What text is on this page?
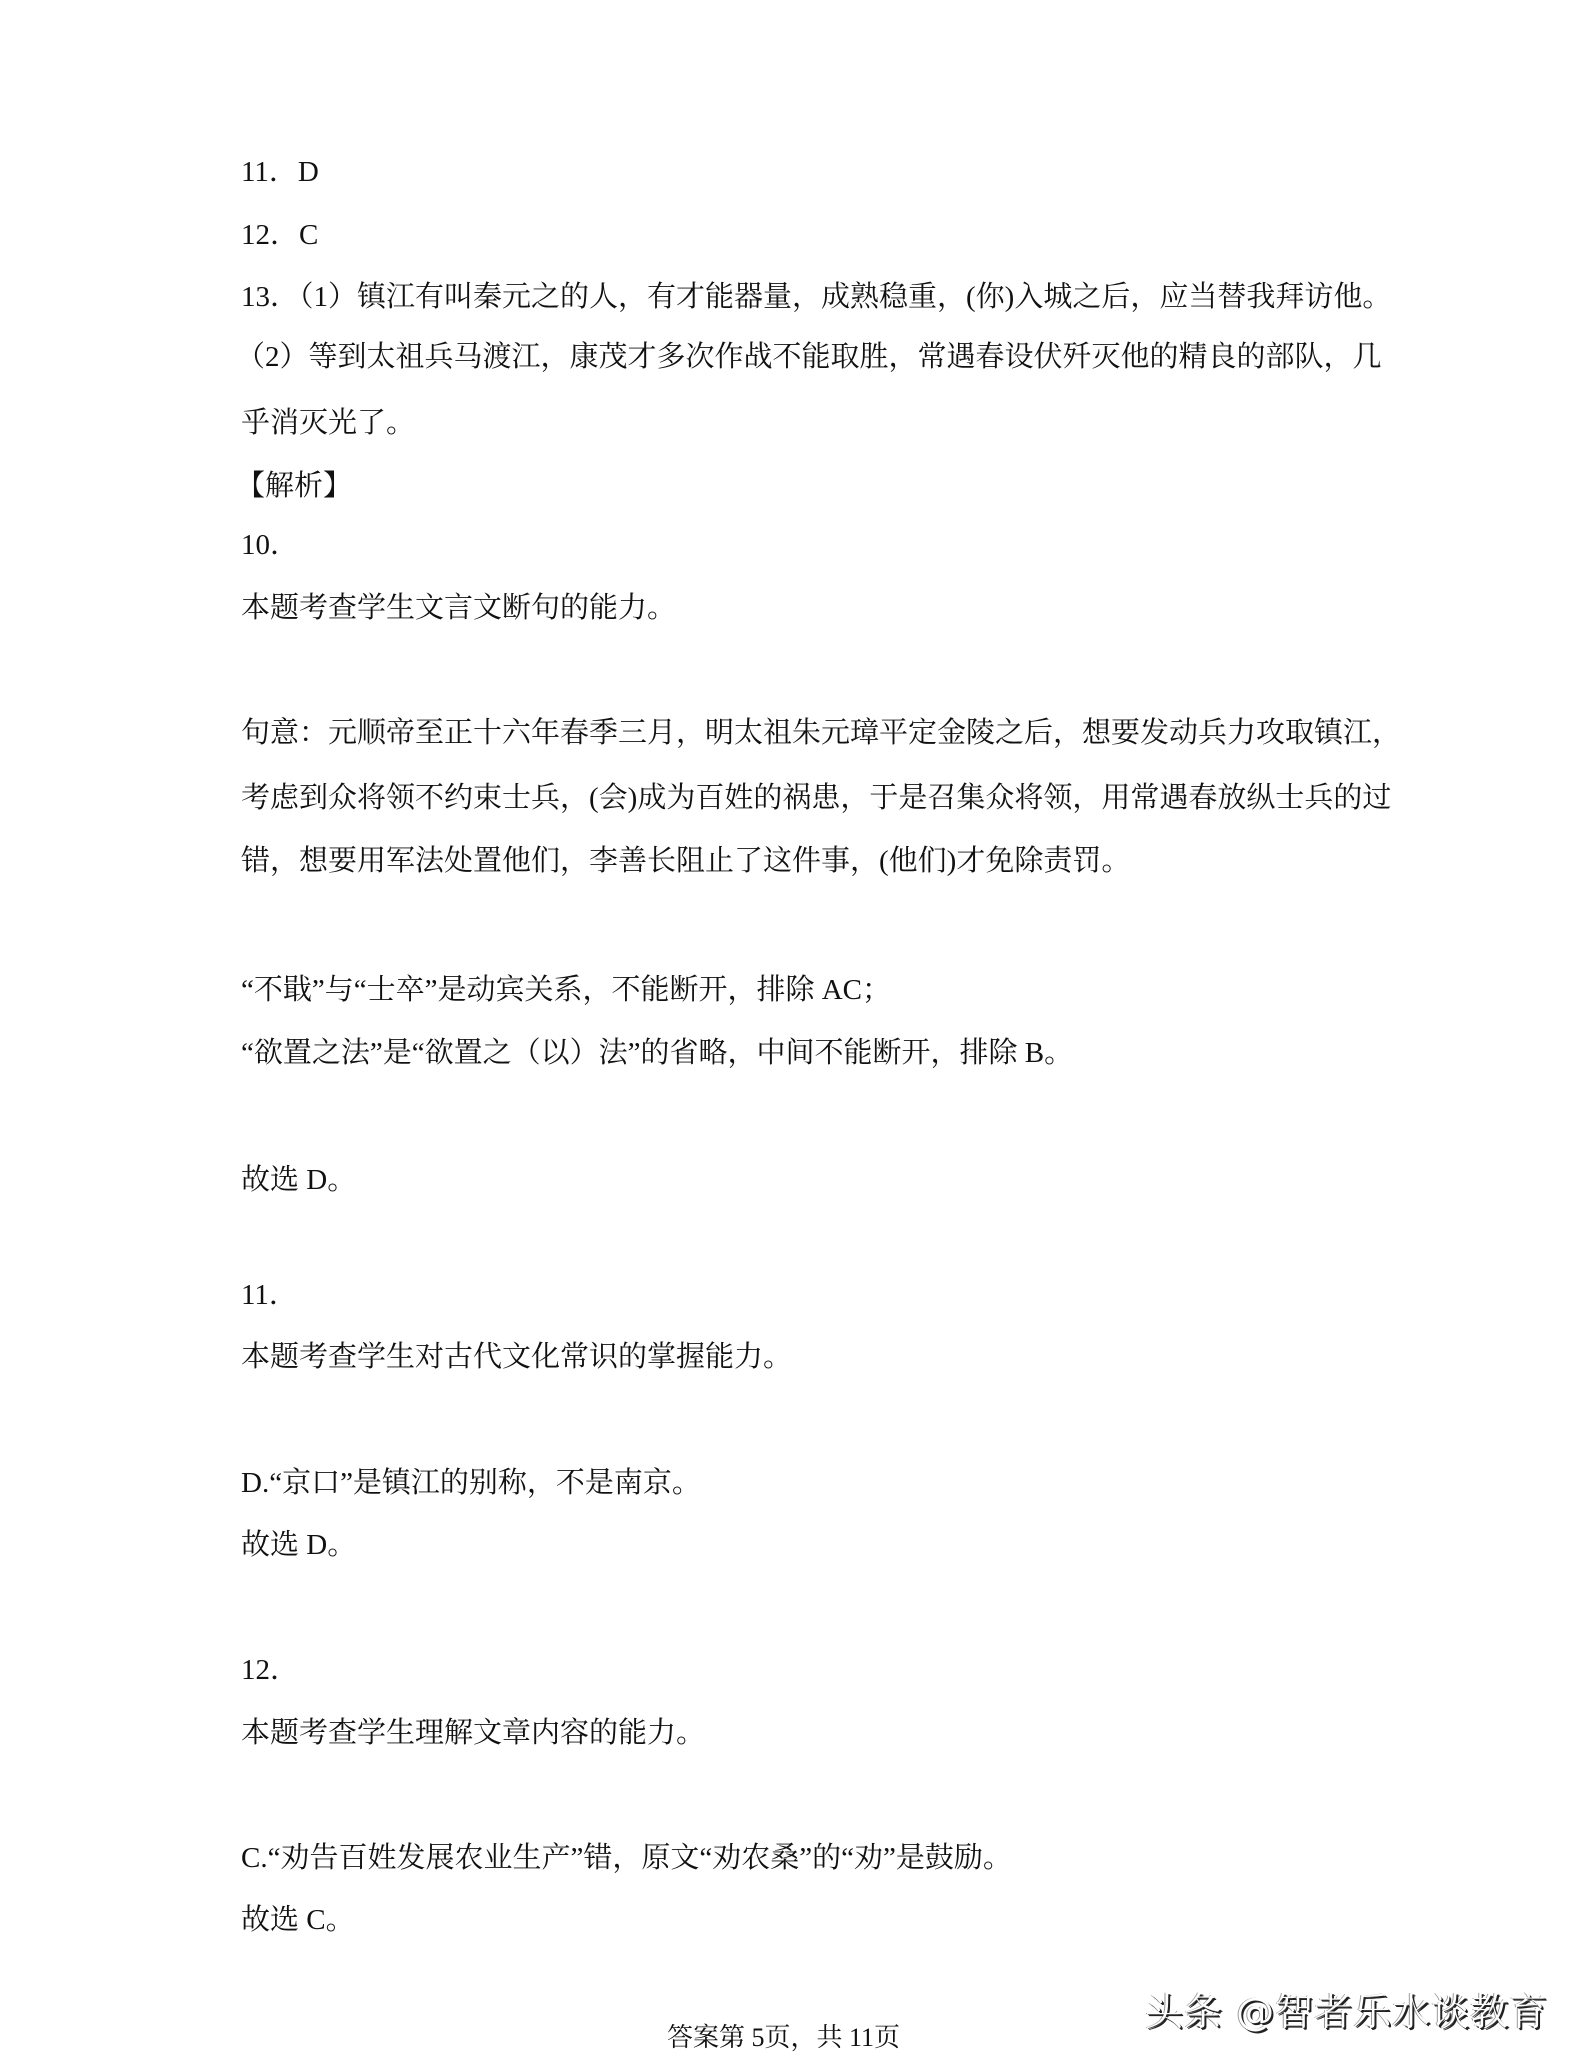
11．D
12．C
13．（1）镇江有叫秦元之的人，有才能器量，成熟稳重，(你)入城之后，应当替我拜访他。
（2）等到太祖兵马渡江，康茂才多次作战不能取胜，常遇春设伏歼灭他的精良的部队，几
乎消灭光了。
【解析】
10．
本题考查学生文言文断句的能力。
句意：元顺帝至正十六年春季三月，明太祖朱元璋平定金陵之后，想要发动兵力攻取镇江，
考虑到众将领不约束士兵，(会)成为百姓的祸患，于是召集众将领，用常遇春放纵士兵的过
错，想要用军法处置他们，李善长阻止了这件事，(他们)才免除责罚。
“不戢”与“士卒”是动宾关系，不能断开，排除 AC；
“欲置之法”是“欲置之（以）法”的省略，中间不能断开，排除 B。
故选 D。
11．
本题考查学生对古代文化常识的掌握能力。
D.“京口”是镇江的别称，不是南京。
故选 D。
12．
本题考查学生理解文章内容的能力。
C.“劝告百姓发展农业生产”错，原文“劝农桑”的“劝”是鼓励。
故选 C。
答案第 5页，共 11页
头条 @智者乐水谈教育
